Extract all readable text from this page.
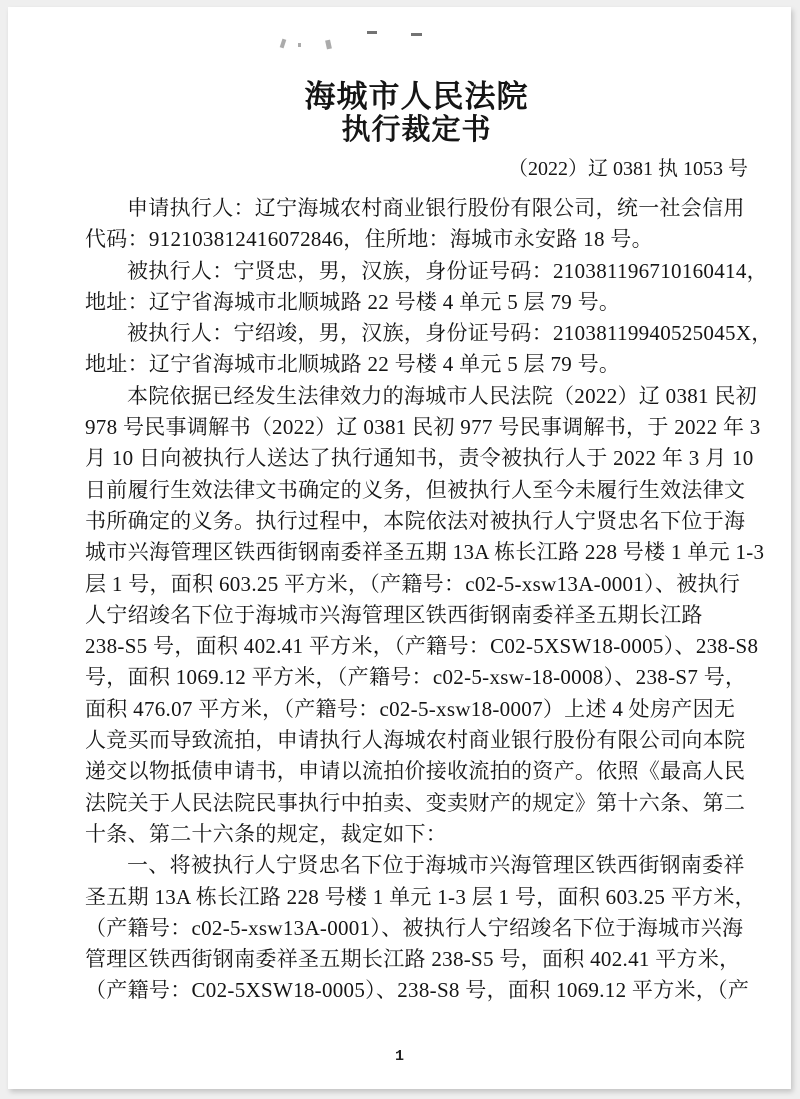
海城市人民法院
执行裁定书
（2022）辽 0381 执 1053 号
申请执行人：辽宁海城农村商业银行股份有限公司，统一社会信用
代码：912103812416072846，住所地：海城市永安路 18 号。
被执行人：宁贤忠，男，汉族，身份证号码：210381196710160414，
地址：辽宁省海城市北顺城路 22 号楼 4 单元 5 层 79 号。
被执行人：宁绍竣，男，汉族，身份证号码：21038119940525045X，
地址：辽宁省海城市北顺城路 22 号楼 4 单元 5 层 79 号。
本院依据已经发生法律效力的海城市人民法院（2022）辽 0381 民初
978 号民事调解书（2022）辽 0381 民初 977 号民事调解书，于 2022 年 3
月 10 日向被执行人送达了执行通知书，责令被执行人于 2022 年 3 月 10
日前履行生效法律文书确定的义务，但被执行人至今未履行生效法律文
书所确定的义务。执行过程中，本院依法对被执行人宁贤忠名下位于海
城市兴海管理区铁西街钢南委祥圣五期 13A 栋长江路 228 号楼 1 单元 1-3
层 1 号，面积 603.25 平方米，（产籍号：c02-5-xsw13A-0001）、被执行
人宁绍竣名下位于海城市兴海管理区铁西街钢南委祥圣五期长江路
238-S5 号，面积 402.41 平方米，（产籍号：C02-5XSW18-0005）、238-S8
号，面积 1069.12 平方米，（产籍号：c02-5-xsw-18-0008）、238-S7 号，
面积 476.07 平方米，（产籍号：c02-5-xsw18-0007）上述 4 处房产因无
人竞买而导致流拍，申请执行人海城农村商业银行股份有限公司向本院
递交以物抵债申请书，申请以流拍价接收流拍的资产。依照《最高人民
法院关于人民法院民事执行中拍卖、变卖财产的规定》第十六条、第二
十条、第二十六条的规定，裁定如下：
一、将被执行人宁贤忠名下位于海城市兴海管理区铁西街钢南委祥
圣五期 13A 栋长江路 228 号楼 1 单元 1-3 层 1 号，面积 603.25 平方米，
（产籍号：c02-5-xsw13A-0001）、被执行人宁绍竣名下位于海城市兴海
管理区铁西街钢南委祥圣五期长江路 238-S5 号，面积 402.41 平方米，
（产籍号：C02-5XSW18-0005）、238-S8 号，面积 1069.12 平方米，（产
1
